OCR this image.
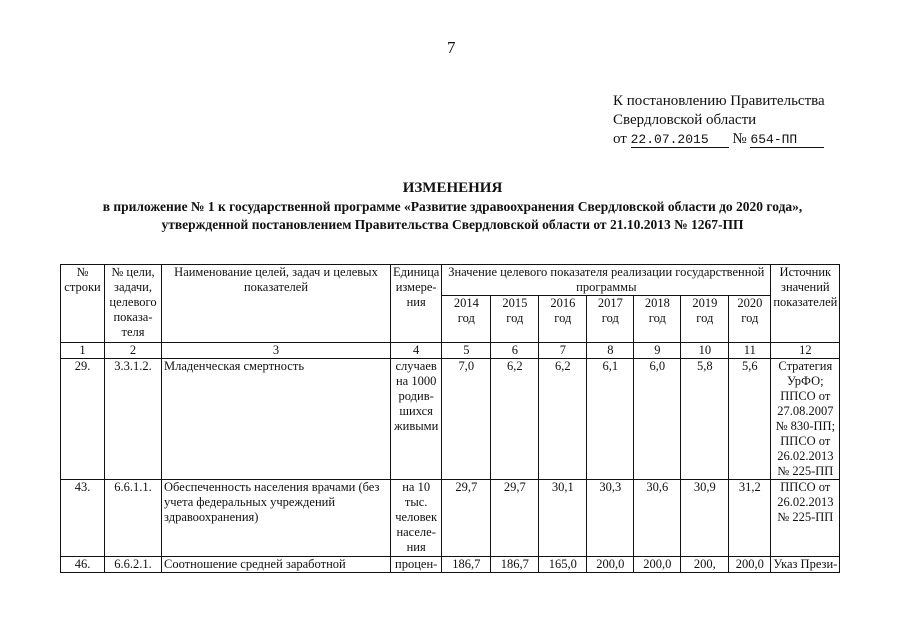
7
К постановлению Правительства
Свердловской области
от 22.07.2015 № 654-ПП
ИЗМЕНЕНИЯ
в приложение № 1 к государственной программе «Развитие здравоохранения Свердловской области до 2020 года»,
утвержденной постановлением Правительства Свердловской области от 21.10.2013 № 1267-ПП
№ строки	№ цели, задачи, целевого показа-теля	Наименование целей, задач и целевых показателей	Единица измере-ния	Значение целевого показателя реализации государственной программы							Источник значений показателей
				2014 год	2015 год	2016 год	2017 год	2018 год	2019 год	2020 год	
1	2	3	4	5	6	7	8	9	10	11	12
29.	3.3.1.2.	Младенческая смертность	случаев на 1000 родив-шихся живыми	7,0	6,2	6,2	6,1	6,0	5,8	5,6	Стратегия УрФО; ППСО от 27.08.2007 № 830-ПП; ППСО от 26.02.2013 № 225-ПП
43.	6.6.1.1.	Обеспеченность населения врачами (без учета федеральных учреждений здравоохранения)	на 10 тыс. человек населе-ния	29,7	29,7	30,1	30,3	30,6	30,9	31,2	ППСО от 26.02.2013 № 225-ПП
46.	6.6.2.1.	Соотношение средней заработной	процен-	186,7	186,7	165,0	200,0	200,0	200,	200,0	Указ Прези-
